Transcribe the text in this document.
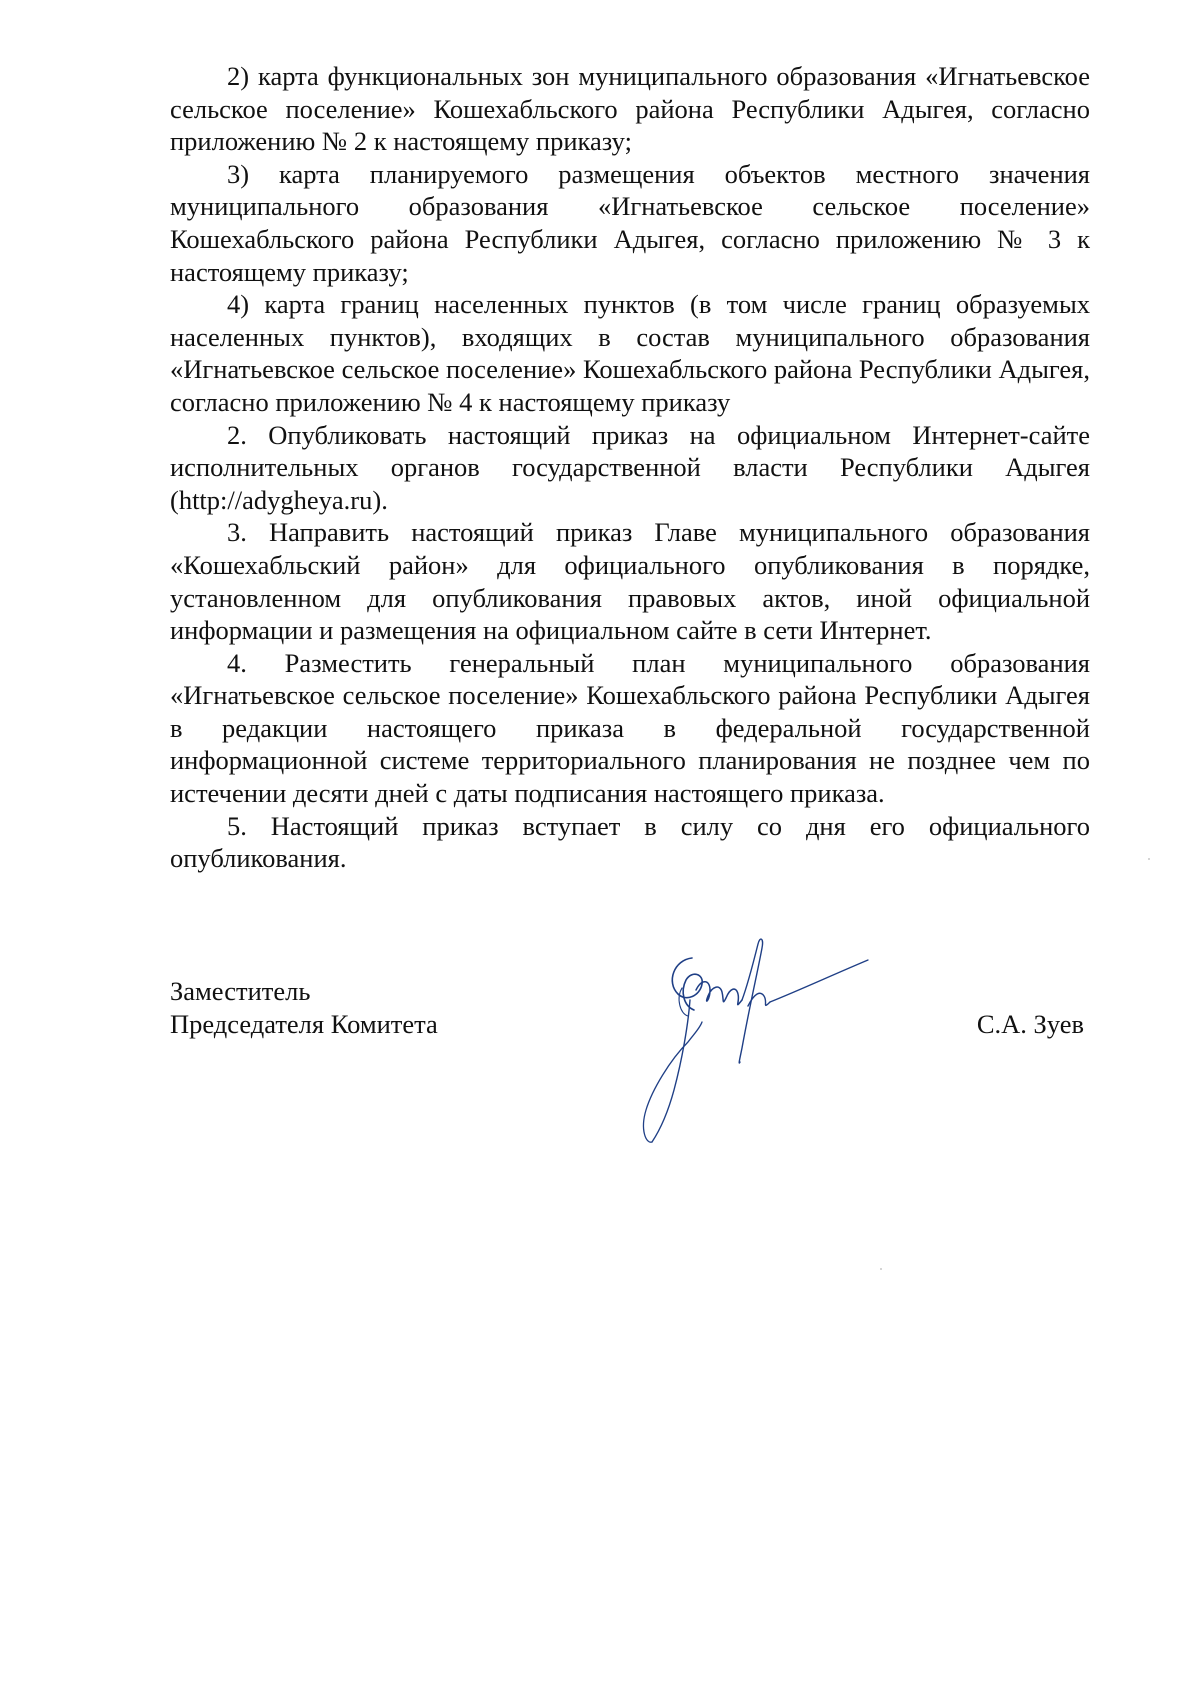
2) карта функциональных зон муниципального образования «Игнатьевское сельское поселение» Кошехабльского района Республики Адыгея, согласно приложению № 2 к настоящему приказу;

3) карта планируемого размещения объектов местного значения муниципального образования «Игнатьевское сельское поселение» Кошехабльского района Республики Адыгея, согласно приложению № 3 к настоящему приказу;

4) карта границ населенных пунктов (в том числе границ образуемых населенных пунктов), входящих в состав муниципального образования «Игнатьевское сельское поселение» Кошехабльского района Республики Адыгея, согласно приложению № 4 к настоящему приказу

2. Опубликовать настоящий приказ на официальном Интернет-сайте исполнительных органов государственной власти Республики Адыгея (http://adygheya.ru).

3. Направить настоящий приказ Главе муниципального образования «Кошехабльский район» для официального опубликования в порядке, установленном для опубликования правовых актов, иной официальной информации и размещения на официальном сайте в сети Интернет.

4. Разместить генеральный план муниципального образования «Игнатьевское сельское поселение» Кошехабльского района Республики Адыгея в редакции настоящего приказа в федеральной государственной информационной системе территориального планирования не позднее чем по истечении десяти дней с даты подписания настоящего приказа.

5. Настоящий приказ вступает в силу со дня его официального опубликования.

Заместитель
Председателя Комитета	С.А. Зуев
